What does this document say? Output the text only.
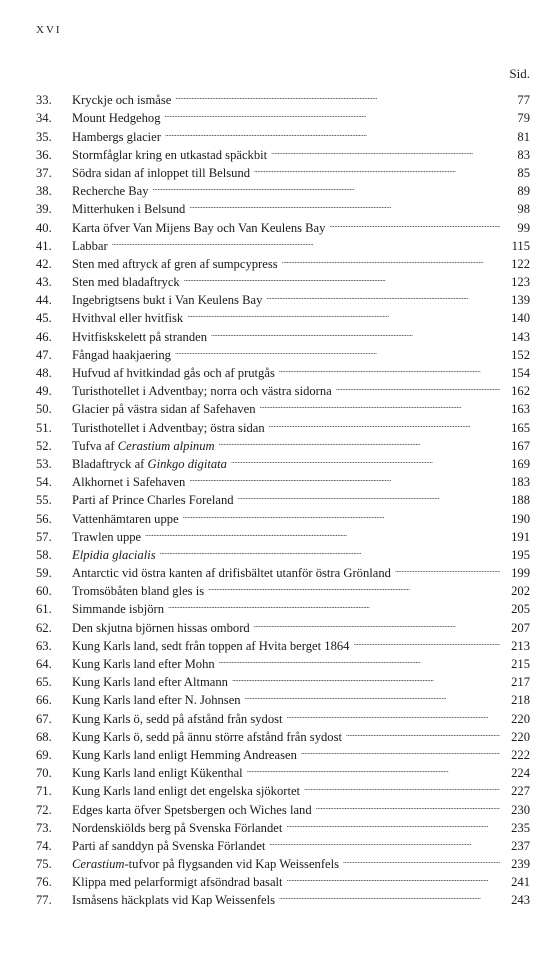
XVI
Sid.
33.	Kryckje och ismåse . . .	77
34.	Mount Hedgehog . . .	79
35.	Hambergs glacier . . .	81
36.	Stormfåglar kring en utkastad späckbit . . .	83
37.	Södra sidan af inloppet till Belsund . . .	85
38.	Recherche Bay . . .	89
39.	Mitterhuken i Belsund . . .	98
40.	Karta öfver Van Mijens Bay och Van Keulens Bay . . .	99
41.	Labbar . . .	115
42.	Sten med aftryck af gren af sumpcypress . . .	122
43.	Sten med bladaftryck . . .	123
44.	Ingebrigtsens bukt i Van Keulens Bay . . .	139
45.	Hvithval eller hvitfisk . . .	140
46.	Hvitfiskskelett på stranden . . .	143
47.	Fångad haakjaering . . .	152
48.	Hufvud af hvitkindad gås och af prutgås . . .	154
49.	Turisthotellet i Adventbay; norra och västra sidorna . . .	162
50.	Glacier på västra sidan af Safehaven . . .	163
51.	Turisthotellet i Adventbay; östra sidan . . .	165
52.	Tufva af Cerastium alpinum . . .	167
53.	Bladaftryck af Ginkgo digitata . . .	169
54.	Alkhornet i Safehaven . . .	183
55.	Parti af Prince Charles Foreland . . .	188
56.	Vattenhämtaren uppe . . .	190
57.	Trawlen uppe . . .	191
58.	Elpidia glacialis . . .	195
59.	Antarctic vid östra kanten af drifisbältet utanför östra Grönland . . .	199
60.	Tromsöbåten bland gles is . . .	202
61.	Simmande isbjörn . . .	205
62.	Den skjutna björnen hissas ombord . . .	207
63.	Kung Karls land, sedt från toppen af Hvita berget 1864 . . .	213
64.	Kung Karls land efter Mohn . . .	215
65.	Kung Karls land efter Altmann . . .	217
66.	Kung Karls land efter N. Johnsen . . .	218
67.	Kung Karls ö, sedd på afstånd från sydost . . .	220
68.	Kung Karls ö, sedd på ännu större afstånd från sydost . . .	220
69.	Kung Karls land enligt Hemming Andreasen . . .	222
70.	Kung Karls land enligt Kükenthal . . .	224
71.	Kung Karls land enligt det engelska sjökortet . . .	227
72.	Edges karta öfver Spetsbergen och Wiches land . . .	230
73.	Nordenskiölds berg på Svenska Förlandet . . .	235
74.	Parti af sanddyn på Svenska Förlandet . . .	237
75.	Cerastium-tufvor på flygsanden vid Kap Weissenfels . . .	239
76.	Klippa med pelarformigt afsöndrad basalt . . .	241
77.	Ismåsens häckplats vid Kap Weissenfels . . .	243
